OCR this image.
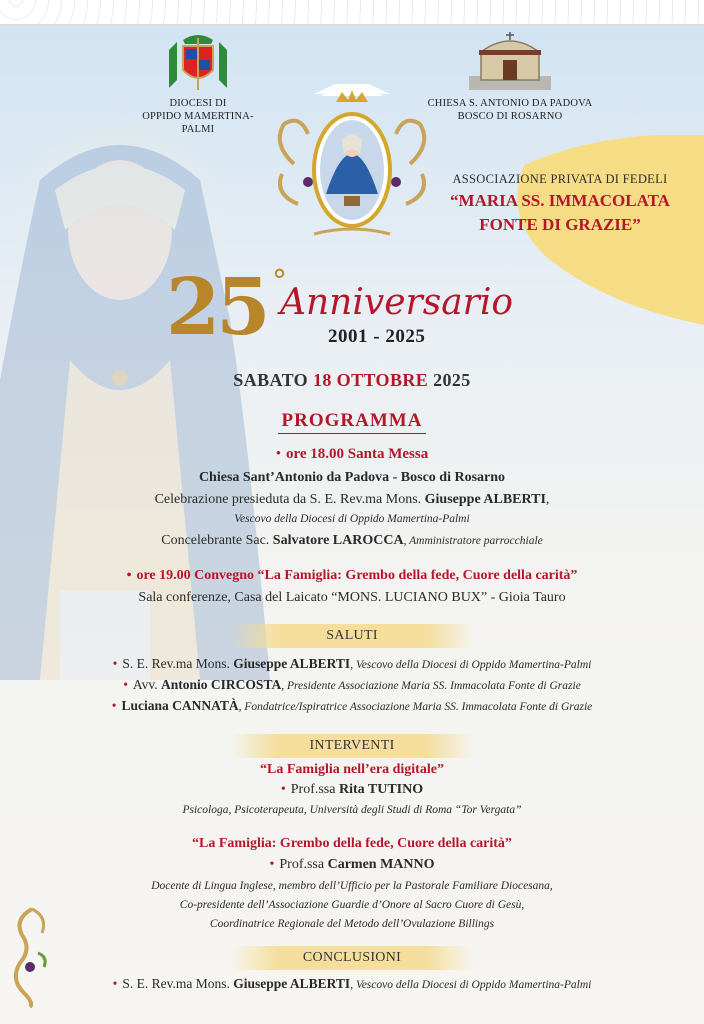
DIOCESI DI
OPPIDO MAMERTINA-PALMI
CHIESA S. ANTONIO DA PADOVA
BOSCO DI ROSARNO
ASSOCIAZIONE PRIVATA DI FEDELI
“MARIA SS. IMMACOLATA
FONTE DI GRAZIE”
25 °
Anniversario
2001 - 2025
SABATO 18 OTTOBRE 2025
PROGRAMMA
• ore 18.00 Santa Messa
Chiesa Sant’Antonio da Padova - Bosco di Rosarno
Celebrazione presieduta da S. E. Rev.ma Mons. Giuseppe ALBERTI,
Vescovo della Diocesi di Oppido Mamertina-Palmi
Concelebrante Sac. Salvatore LAROCCA, Amministratore parrocchiale
• ore 19.00 Convegno “La Famiglia: Grembo della fede, Cuore della carità”
Sala conferenze, Casa del Laicato “MONS. LUCIANO BUX” - Gioia Tauro
SALUTI
• S. E. Rev.ma Mons. Giuseppe ALBERTI, Vescovo della Diocesi di Oppido Mamertina-Palmi
• Avv. Antonio CIRCOSTA, Presidente Associazione Maria SS. Immacolata Fonte di Grazie
• Luciana CANNATÀ, Fondatrice/Ispiratrice Associazione Maria SS. Immacolata Fonte di Grazie
INTERVENTI
“La Famiglia nell’era digitale”
• Prof.ssa Rita TUTINO
Psicologa, Psicoterapeuta, Università degli Studi di Roma “Tor Vergata”
“La Famiglia: Grembo della fede, Cuore della carità”
• Prof.ssa Carmen MANNO
Docente di Lingua Inglese, membro dell’Ufficio per la Pastorale Familiare Diocesana,
Co-presidente dell’Associazione Guardie d’Onore al Sacro Cuore di Gesù,
Coordinatrice Regionale del Metodo dell’Ovulazione Billings
CONCLUSIONI
• S. E. Rev.ma Mons. Giuseppe ALBERTI, Vescovo della Diocesi di Oppido Mamertina-Palmi
